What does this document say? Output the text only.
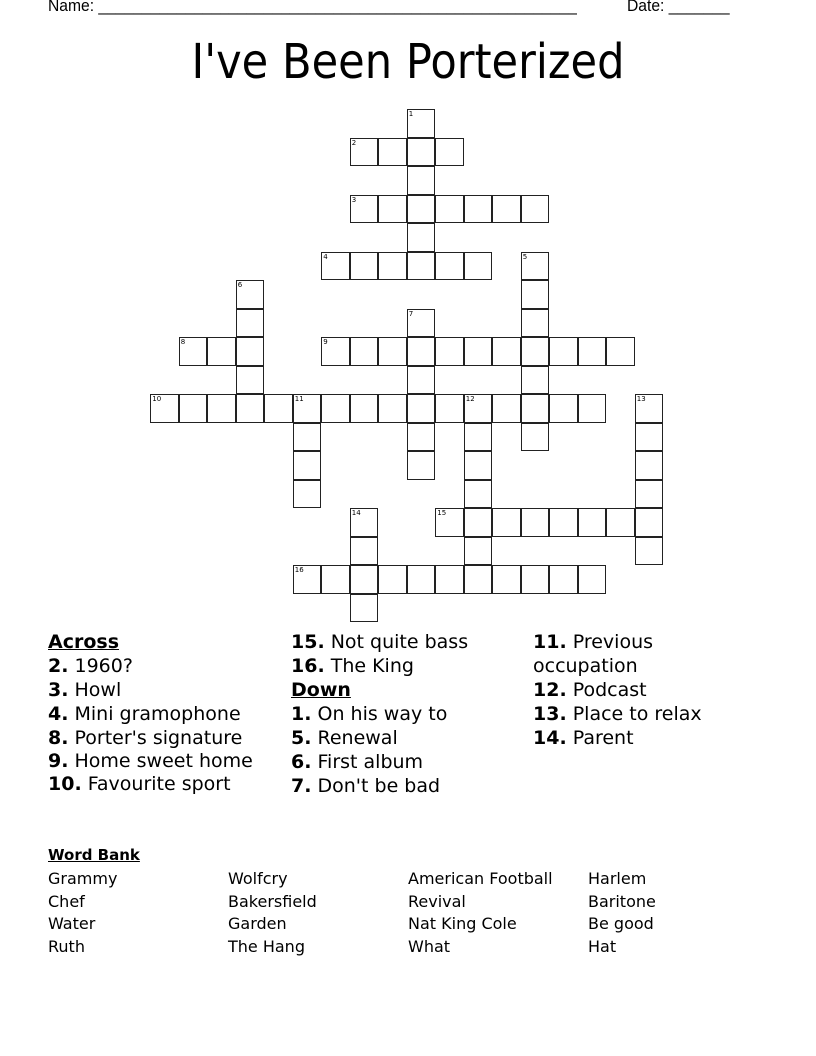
Name: _______________________________________________________	Date: _______
I've Been Porterized
1
2
3
4	5
6
7
8	9
10	11	12	13
14	15
16
Across
2. 1960?
3. Howl
4. Mini gramophone
8. Porter's signature
9. Home sweet home
10. Favourite sport
15. Not quite bass
16. The King
Down
1. On his way to
5. Renewal
6. First album
7. Don't be bad
11. Previous occupation
12. Podcast
13. Place to relax
14. Parent
Word Bank
Grammy
Chef
Water
Ruth
Wolfcry
Bakersfield
Garden
The Hang
American Football
Revival
Nat King Cole
What
Harlem
Baritone
Be good
Hat
